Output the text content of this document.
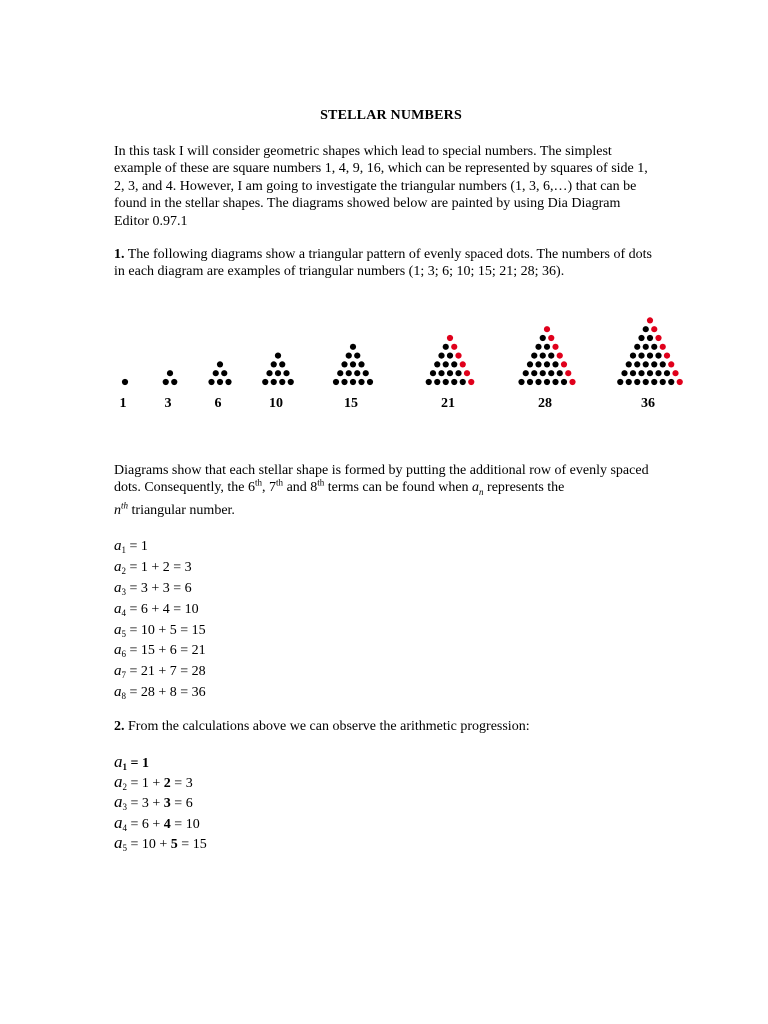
STELLAR NUMBERS
In this task I will consider geometric shapes which lead to special numbers. The simplest example of these are square numbers 1, 4, 9, 16, which can be represented by squares of side 1, 2, 3, and 4. However, I am going to investigate the triangular numbers (1, 3, 6,…) that can be found in the stellar shapes. The diagrams showed below are painted by using Dia Diagram Editor 0.97.1
1. The following diagrams show a triangular pattern of evenly spaced dots. The numbers of dots in each diagram are examples of triangular numbers (1; 3; 6; 10; 15; 21; 28; 36).
1	3	6	10	15	21	28	36
Diagrams show that each stellar shape is formed by putting the additional row of evenly spaced dots. Consequently, the 6th, 7th and 8th terms can be found when $a_n$ represents the
$n^{th}$ triangular number.
$a_1 = 1$
$a_2 = 1 + 2 = 3$
$a_3 = 3 + 3 = 6$
$a_4 = 6 + 4 = 10$
$a_5 = 10 + 5 = 15$
$a_6 = 15 + 6 = 21$
$a_7 = 21 + 7 = 28$
$a_8 = 28 + 8 = 36$
2. From the calculations above we can observe the arithmetic progression:
$a_1 = 1$
$a_2 = 1 + 2 = 3$
$a_3 = 3 + 3 = 6$
$a_4 = 6 + 4 = 10$
$a_5 = 10 + 5 = 15$
